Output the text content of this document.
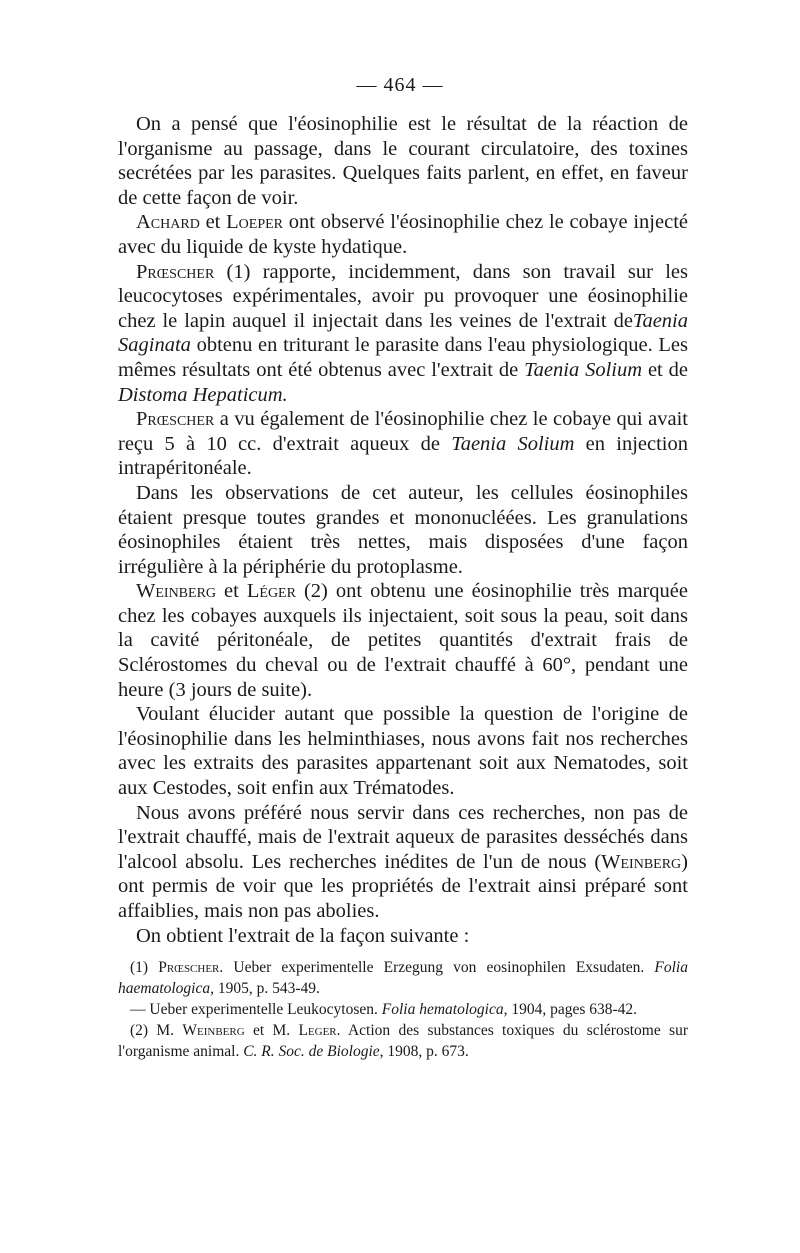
— 464 —

On a pensé que l'éosinophilie est le résultat de la réaction de l'organisme au passage, dans le courant circulatoire, des toxines secrétées par les parasites. Quelques faits parlent, en effet, en faveur de cette façon de voir.

Achard et Loeper ont observé l'éosinophilie chez le cobaye injecté avec du liquide de kyste hydatique.

Prœscher (1) rapporte, incidemment, dans son travail sur les leucocytoses expérimentales, avoir pu provoquer une éosinophilie chez le lapin auquel il injectait dans les veines de l'extrait deTaenia Saginata obtenu en triturant le parasite dans l'eau physiologique. Les mêmes résultats ont été obtenus avec l'extrait de Taenia Solium et de Distoma Hepaticum.

Prœscher a vu également de l'éosinophilie chez le cobaye qui avait reçu 5 à 10 cc. d'extrait aqueux de Taenia Solium en injection intrapéritonéale.

Dans les observations de cet auteur, les cellules éosinophiles étaient presque toutes grandes et mononucléées. Les granulations éosinophiles étaient très nettes, mais disposées d'une façon irrégulière à la périphérie du protoplasme.

Weinberg et Léger (2) ont obtenu une éosinophilie très marquée chez les cobayes auxquels ils injectaient, soit sous la peau, soit dans la cavité péritonéale, de petites quantités d'extrait frais de Sclérostomes du cheval ou de l'extrait chauffé à 60°, pendant une heure (3 jours de suite).

Voulant élucider autant que possible la question de l'origine de l'éosinophilie dans les helminthiases, nous avons fait nos recherches avec les extraits des parasites appartenant soit aux Nematodes, soit aux Cestodes, soit enfin aux Trématodes.

Nous avons préféré nous servir dans ces recherches, non pas de l'extrait chauffé, mais de l'extrait aqueux de parasites desséchés dans l'alcool absolu. Les recherches inédites de l'un de nous (Weinberg) ont permis de voir que les propriétés de l'extrait ainsi préparé sont affaiblies, mais non pas abolies.

On obtient l'extrait de la façon suivante :

(1) Prœscher. Ueber experimentelle Erzegung von eosinophilen Exsudaten. Folia haematologica, 1905, p. 543-49.

— Ueber experimentelle Leukocytosen. Folia hematologica, 1904, pages 638-42.

(2) M. Weinberg et M. Leger. Action des substances toxiques du sclérostome sur l'organisme animal. C. R. Soc. de Biologie, 1908, p. 673.
